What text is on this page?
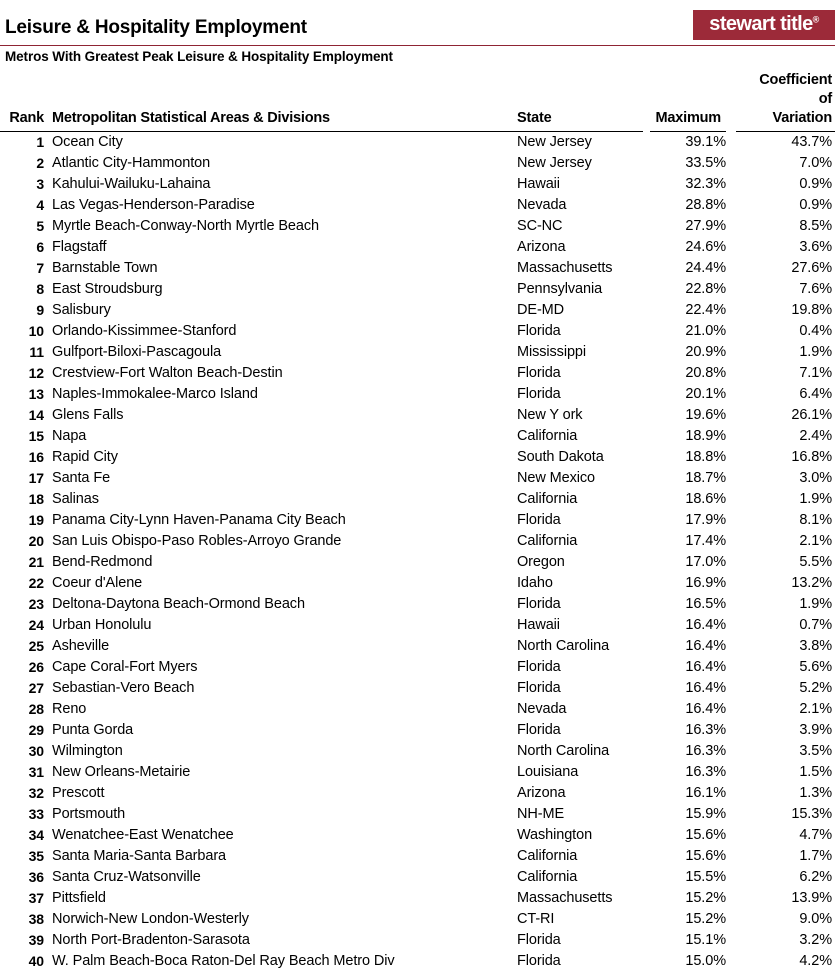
Leisure & Hospitality Employment
Metros With Greatest Peak Leisure & Hospitality Employment
stewart title®
Rank	Metropolitan Statistical Areas & Divisions	State	Maximum	Coefficient
of
Variation

1	Ocean City	New Jersey	39.1%	43.7%
2	Atlantic City-Hammonton	New Jersey	33.5%	7.0%
3	Kahului-Wailuku-Lahaina	Hawaii	32.3%	0.9%
4	Las Vegas-Henderson-Paradise	Nevada	28.8%	0.9%
5	Myrtle Beach-Conway-North Myrtle Beach	SC-NC	27.9%	8.5%
6	Flagstaff	Arizona	24.6%	3.6%
7	Barnstable Town	Massachusetts	24.4%	27.6%
8	East Stroudsburg	Pennsylvania	22.8%	7.6%
9	Salisbury	DE-MD	22.4%	19.8%
10	Orlando-Kissimmee-Stanford	Florida	21.0%	0.4%
11	Gulfport-Biloxi-Pascagoula	Mississippi	20.9%	1.9%
12	Crestview-Fort Walton Beach-Destin	Florida	20.8%	7.1%
13	Naples-Immokalee-Marco Island	Florida	20.1%	6.4%
14	Glens Falls	New Y ork	19.6%	26.1%
15	Napa	California	18.9%	2.4%
16	Rapid City	South Dakota	18.8%	16.8%
17	Santa Fe	New Mexico	18.7%	3.0%
18	Salinas	California	18.6%	1.9%
19	Panama City-Lynn Haven-Panama City Beach	Florida	17.9%	8.1%
20	San Luis Obispo-Paso Robles-Arroyo Grande	California	17.4%	2.1%
21	Bend-Redmond	Oregon	17.0%	5.5%
22	Coeur d'Alene	Idaho	16.9%	13.2%
23	Deltona-Daytona Beach-Ormond Beach	Florida	16.5%	1.9%
24	Urban Honolulu	Hawaii	16.4%	0.7%
25	Asheville	North Carolina	16.4%	3.8%
26	Cape Coral-Fort Myers	Florida	16.4%	5.6%
27	Sebastian-Vero Beach	Florida	16.4%	5.2%
28	Reno	Nevada	16.4%	2.1%
29	Punta Gorda	Florida	16.3%	3.9%
30	Wilmington	North Carolina	16.3%	3.5%
31	New Orleans-Metairie	Louisiana	16.3%	1.5%
32	Prescott	Arizona	16.1%	1.3%
33	Portsmouth	NH-ME	15.9%	15.3%
34	Wenatchee-East Wenatchee	Washington	15.6%	4.7%
35	Santa Maria-Santa Barbara	California	15.6%	1.7%
36	Santa Cruz-Watsonville	California	15.5%	6.2%
37	Pittsfield	Massachusetts	15.2%	13.9%
38	Norwich-New London-Westerly	CT-RI	15.2%	9.0%
39	North Port-Bradenton-Sarasota	Florida	15.1%	3.2%
40	W. Palm Beach-Boca Raton-Del Ray Beach Metro Div	Florida	15.0%	4.2%
